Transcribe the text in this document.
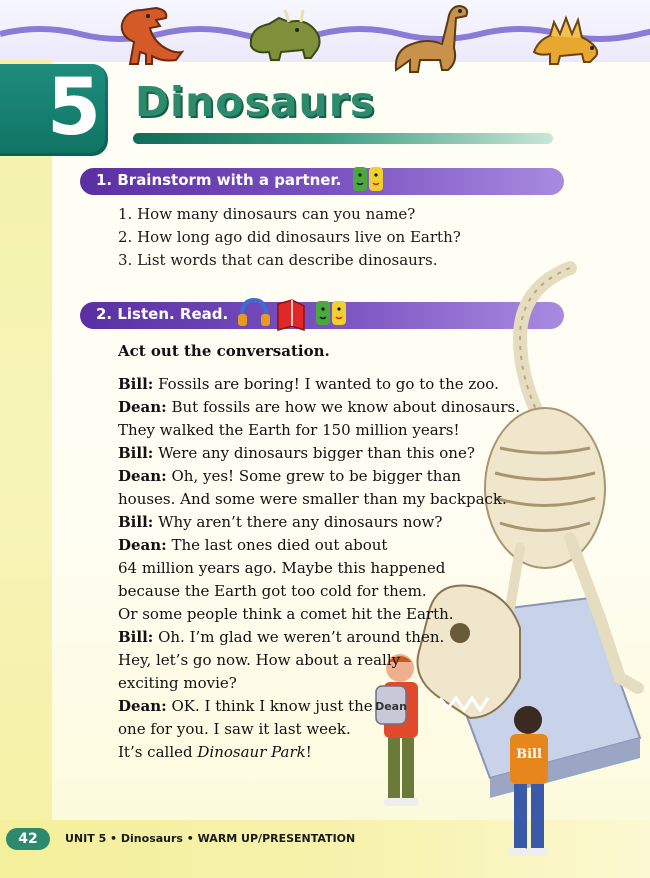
5 Dinosaurs
1. Brainstorm with a partner.
1. How many dinosaurs can you name?
2. How long ago did dinosaurs live on Earth?
3. List words that can describe dinosaurs.
2. Listen. Read.
Act out the conversation.
Dean
Bill
Bill: Fossils are boring! I wanted to go to the zoo.
Dean: But fossils are how we know about dinosaurs.
They walked the Earth for 150 million years!
Bill: Were any dinosaurs bigger than this one?
Dean: Oh, yes! Some grew to be bigger than
houses. And some were smaller than my backpack.
Bill: Why aren’t there any dinosaurs now?
Dean: The last ones died out about
64 million years ago. Maybe this happened
because the Earth got too cold for them.
Or some people think a comet hit the Earth.
Bill: Oh. I’m glad we weren’t around then.
Hey, let’s go now. How about a really
exciting movie?
Dean: OK. I think I know just the
one for you. I saw it last week.
It’s called Dinosaur Park!
42	UNIT 5 • Dinosaurs • WARM UP/PRESENTATION
